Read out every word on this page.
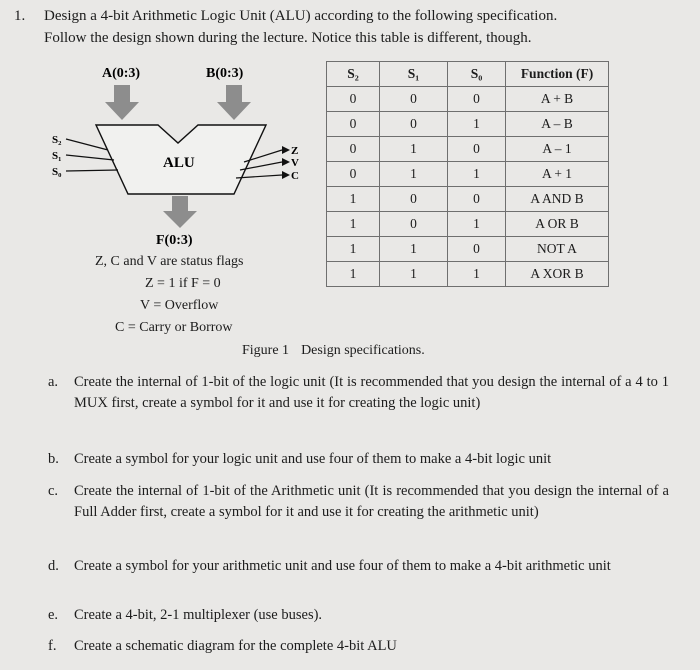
1. Design a 4-bit Arithmetic Logic Unit (ALU) according to the following specification.
Follow the design shown during the lecture. Notice this table is different, though.
A(0:3)	B(0:3)
ALU
S₂
S₁
S₀
Z
V
C
F(0:3)
Z, C and V are status flags
Z = 1 if F = 0
V = Overflow
C = Carry or Borrow
S₂	S₁	S₀	Function (F)
0	0	0	A + B
0	0	1	A – B
0	1	0	A – 1
0	1	1	A + 1
1	0	0	A AND B
1	0	1	A OR B
1	1	0	NOT A
1	1	1	A XOR B
Figure 1 Design specifications.
a. Create the internal of 1-bit of the logic unit (It is recommended that you design the internal of a 4 to 1 MUX first, create a symbol for it and use it for creating the logic unit)
b. Create a symbol for your logic unit and use four of them to make a 4-bit logic unit
c. Create the internal of 1-bit of the Arithmetic unit (It is recommended that you design the internal of a Full Adder first, create a symbol for it and use it for creating the arithmetic unit)
d. Create a symbol for your arithmetic unit and use four of them to make a 4-bit arithmetic unit
e. Create a 4-bit, 2-1 multiplexer (use buses).
f. Create a schematic diagram for the complete 4-bit ALU
